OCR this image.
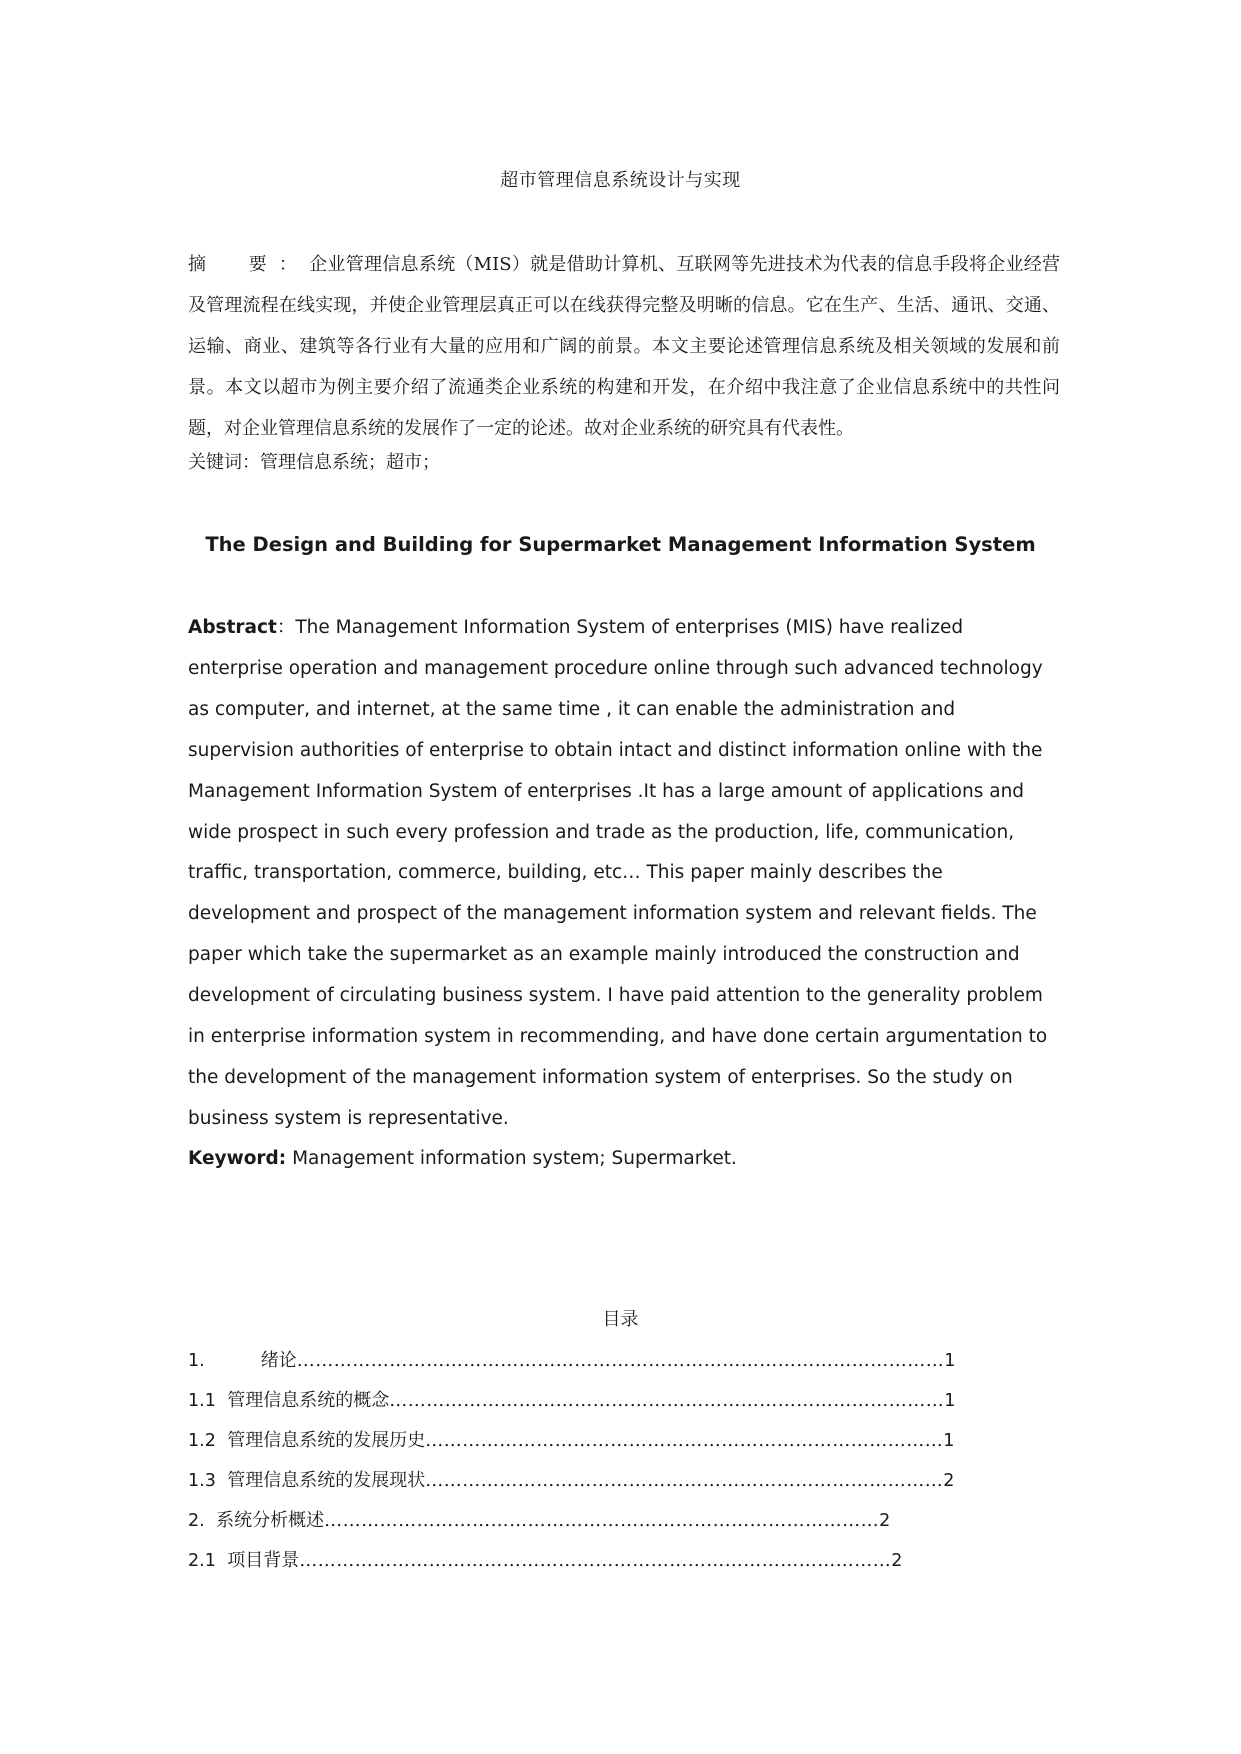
超市管理信息系统设计与实现

摘　要：企业管理信息系统（MIS）就是借助计算机、互联网等先进技术为代表的信息手段将企业经营及管理流程在线实现，并使企业管理层真正可以在线获得完整及明晰的信息。它在生产、生活、通讯、交通、运输、商业、建筑等各行业有大量的应用和广阔的前景。本文主要论述管理信息系统及相关领域的发展和前景。本文以超市为例主要介绍了流通类企业系统的构建和开发，在介绍中我注意了企业信息系统中的共性问题，对企业管理信息系统的发展作了一定的论述。故对企业系统的研究具有代表性。

关键词：管理信息系统；超市；

The Design and Building for Supermarket Management Information System

Abstract：The Management Information System of enterprises (MIS) have realized enterprise operation and management procedure online through such advanced technology as computer, and internet, at the same time , it can enable the administration and supervision authorities of enterprise to obtain intact and distinct information online with the Management Information System of enterprises .It has a large amount of applications and wide prospect in such every profession and trade as the production, life, communication, traffic, transportation, commerce, building, etc… This paper mainly describes the development and prospect of the management information system and relevant fields. The paper which take the supermarket as an example mainly introduced the construction and development of circulating business system. I have paid attention to the generality problem in enterprise information system in recommending, and have done certain argumentation to the development of the management information system of enterprises. So the study on business system is representative.

Keyword: Management information system; Supermarket.

目录
1.	绪论……………………………………………………………………………………………1
1.1 管理信息系统的概念………………………………………………………………………………1
1.2 管理信息系统的发展历史…………………………………………………………………………1
1.3 管理信息系统的发展现状…………………………………………………………………………2
2. 系统分析概述………………………………………………………………………………2
2.1 项目背景……………………………………………………………………………………2
